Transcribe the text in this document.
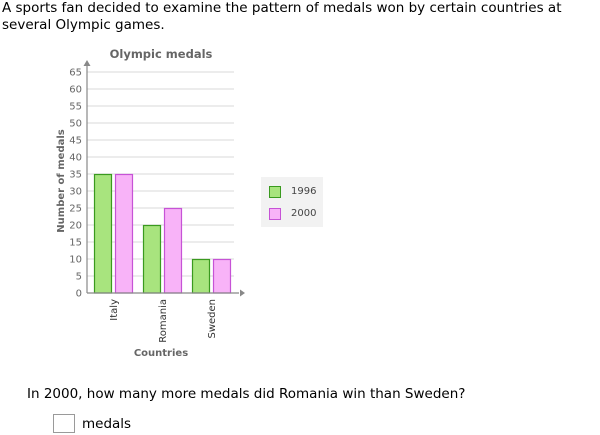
A sports fan decided to examine the pattern of medals won by certain countries at several Olympic games.
Olympic medals
0
5
10
15
20
25
30
35
40
45
50
55
60
65
Italy	Romania	Sweden
Number of medals
Countries
1996
2000
In 2000, how many more medals did Romania win than Sweden?
medals
